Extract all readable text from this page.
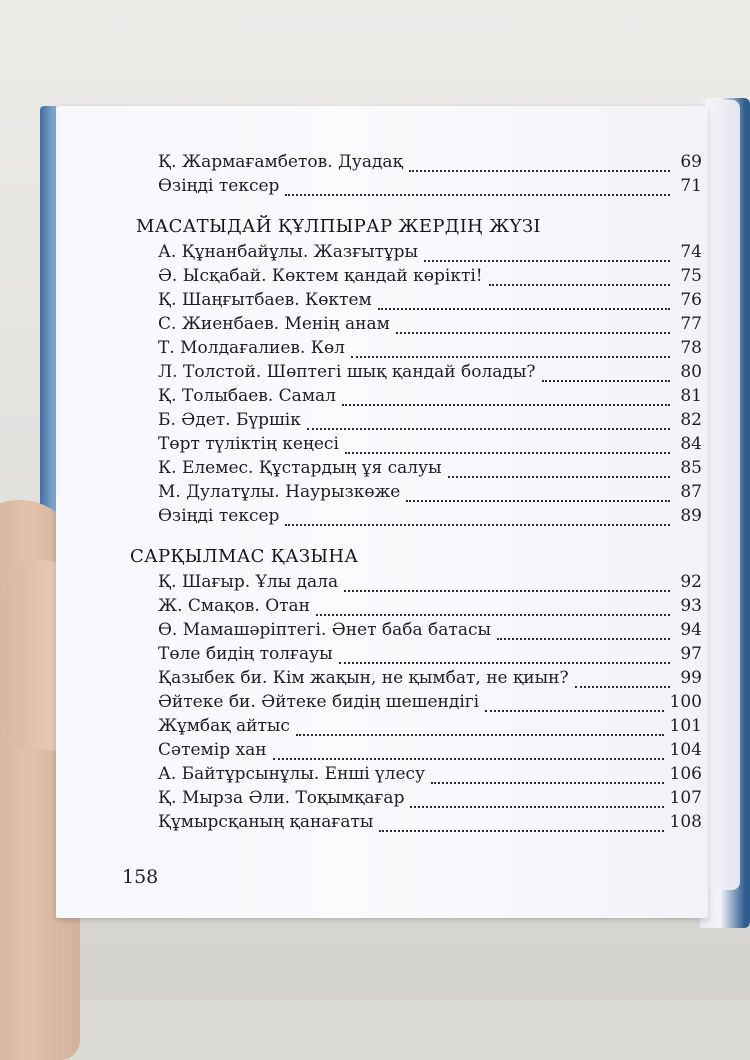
Қ. Жармағамбетов. Дуадақ	69
Өзіңді тексер	71
МАСАТЫДАЙ ҚҰЛПЫРАР ЖЕРДІҢ ЖҮЗІ
А. Құнанбайұлы. Жазғытұры	74
Ә. Ысқабай. Көктем қандай көрікті!	75
Қ. Шаңғытбаев. Көктем	76
С. Жиенбаев. Менің анам	77
Т. Молдағалиев. Көл	78
Л. Толстой. Шөптегі шық қандай болады?	80
Қ. Толыбаев. Самал	81
Б. Әдет. Бүршік	82
Төрт түліктің кеңесі	84
К. Елемес. Құстардың ұя салуы	85
М. Дулатұлы. Наурызкөже	87
Өзіңді тексер	89
САРҚЫЛМАС ҚАЗЫНА
Қ. Шағыр. Ұлы дала	92
Ж. Смақов. Отан	93
Ө. Мамашәріптегі. Әнет баба батасы	94
Төле бидің толғауы	97
Қазыбек би. Кім жақын, не қымбат, не қиын?	99
Әйтеке би. Әйтеке бидің шешендігі	100
Жұмбақ айтыс	101
Сәтемір хан	104
А. Байтұрсынұлы. Еншi үлесу	106
Қ. Мырза Әли. Тоқымқағар	107
Құмырсқаның қанағаты	108
158
